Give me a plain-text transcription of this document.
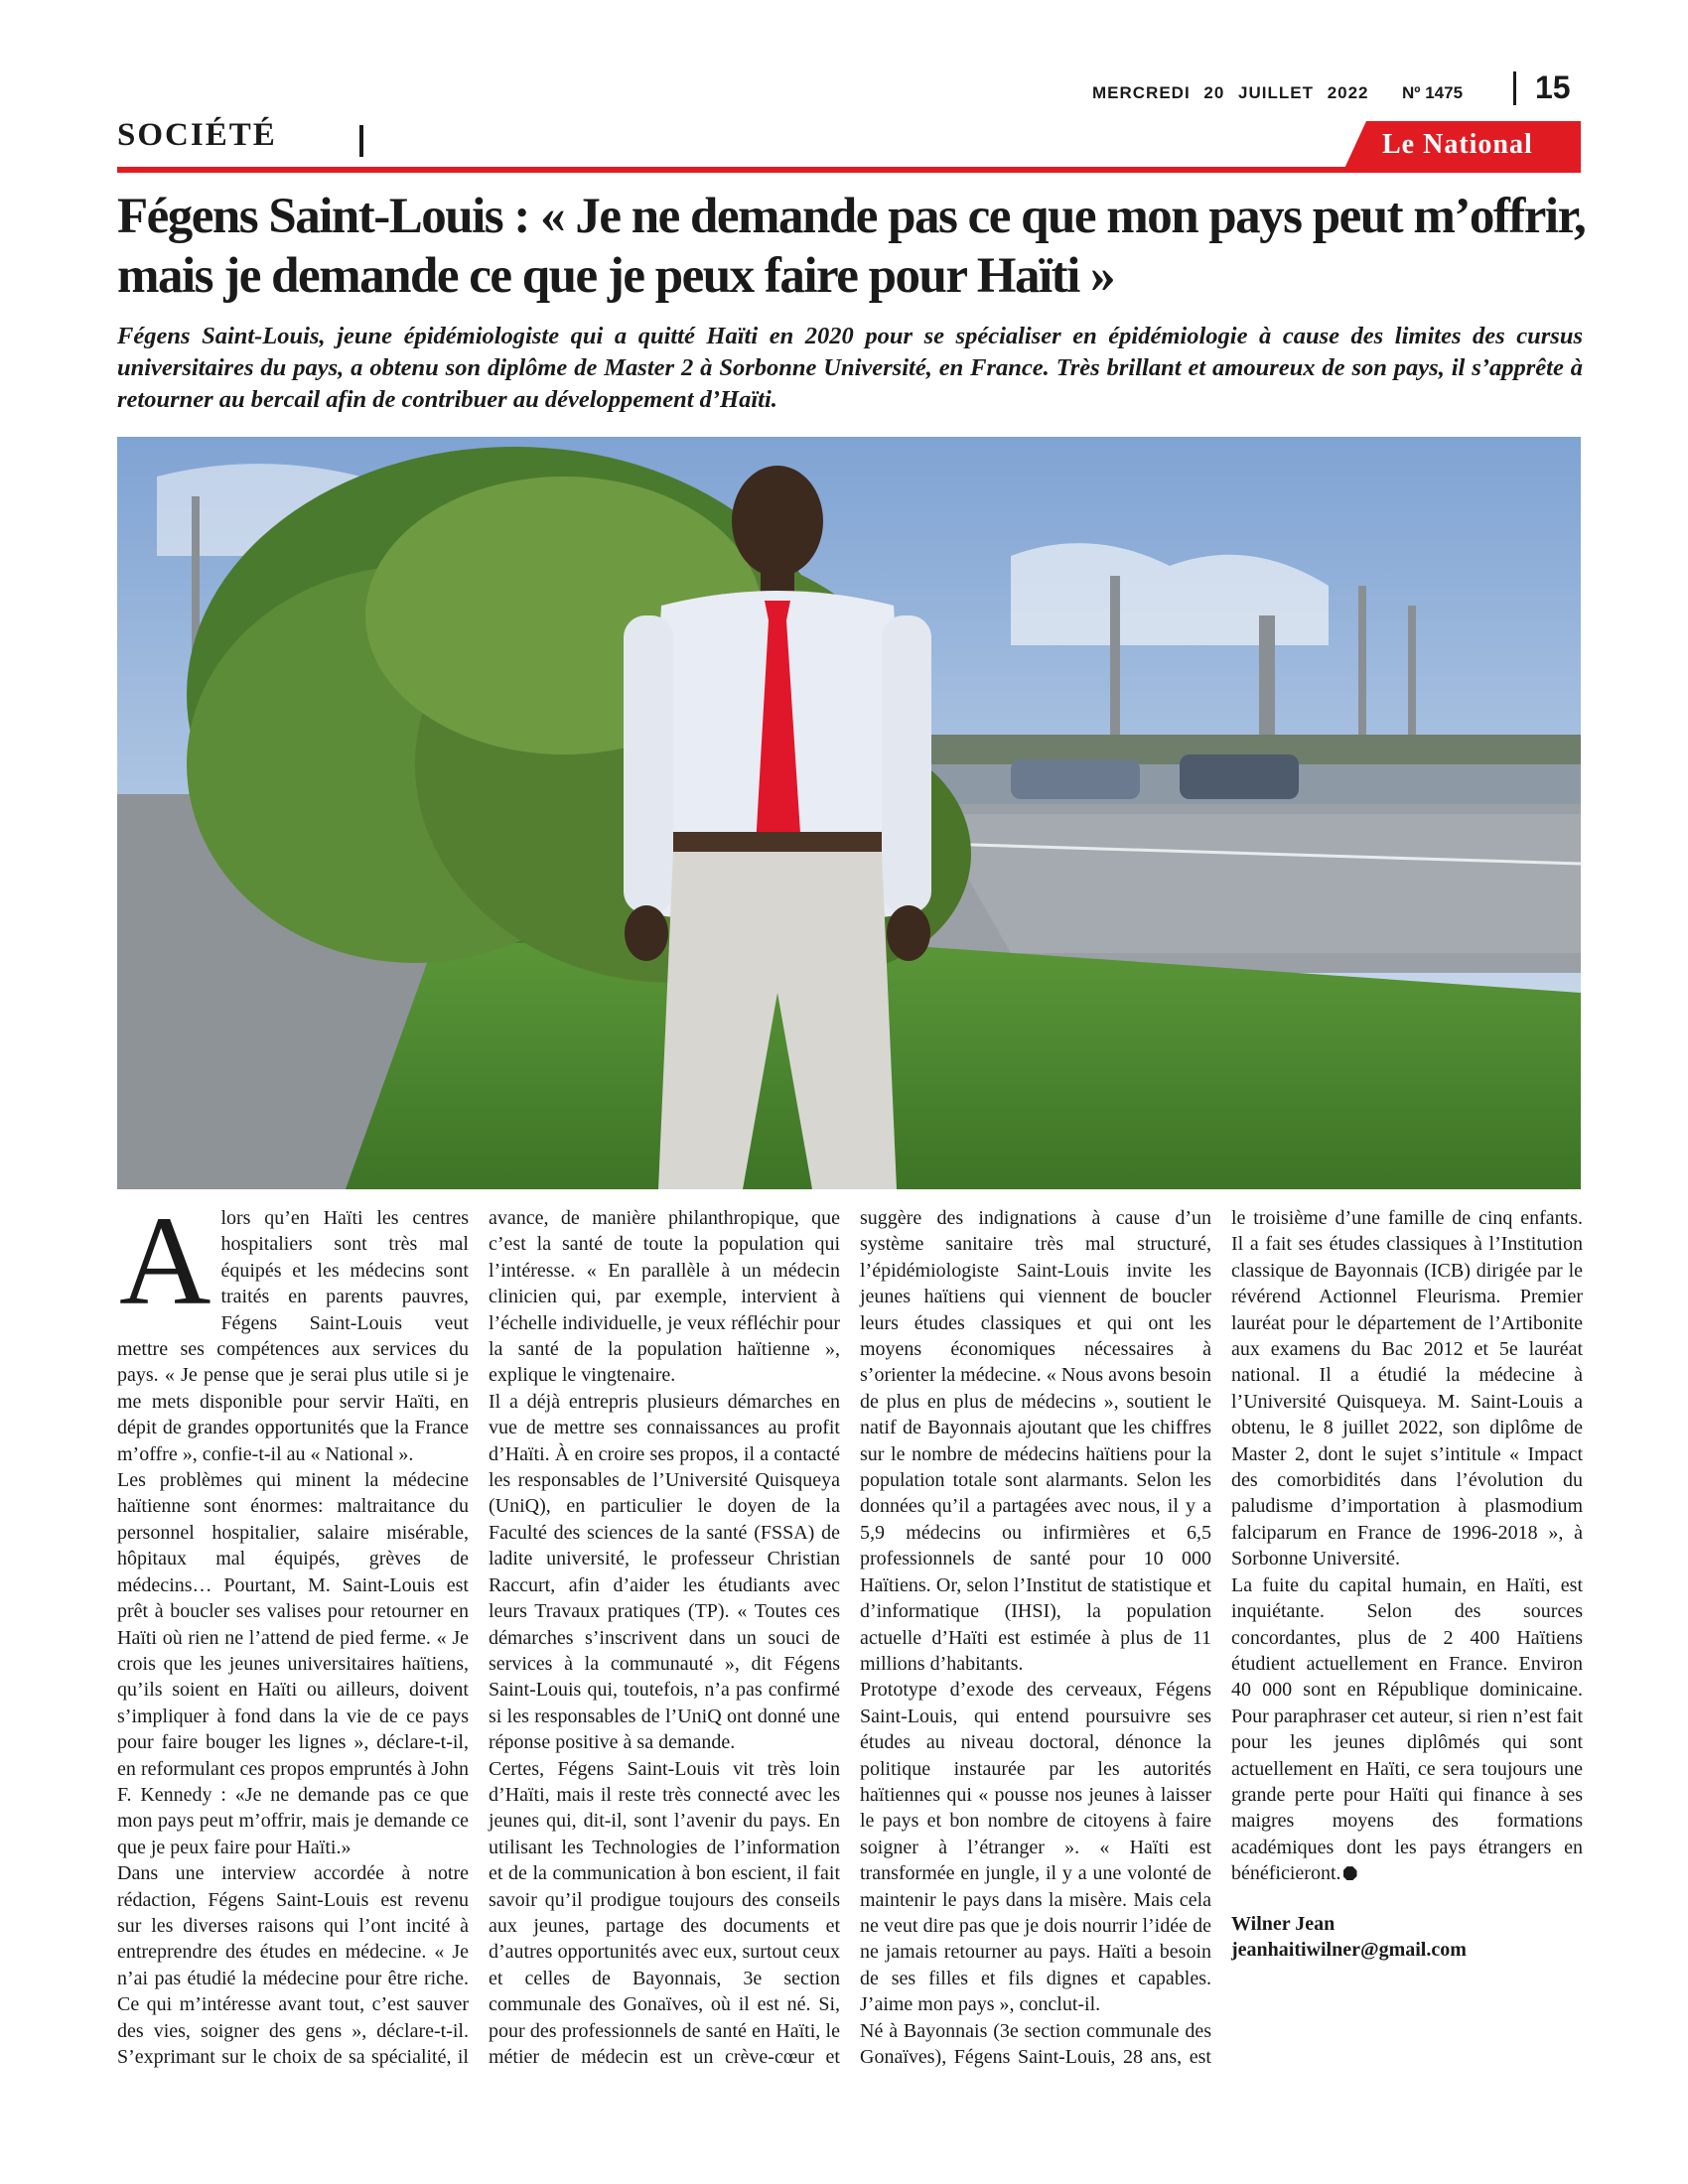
MERCREDI 20 JUILLET 2022 Nº 1475 15
SOCIÉTÉ	Le National
Fégens Saint-Louis : « Je ne demande pas ce que mon pays peut m’offrir, mais je demande ce que je peux faire pour Haïti »

Fégens Saint-Louis, jeune épidémiologiste qui a quitté Haïti en 2020 pour se spécialiser en épidémiologie à cause des limites des cursus universitaires du pays, a obtenu son diplôme de Master 2 à Sorbonne Université, en France. Très brillant et amoureux de son pays, il s’apprête à retourner au bercail afin de contribuer au développement d’Haïti.

Alors qu’en Haïti les centres hospitaliers sont très mal équipés et les médecins sont traités en parents pauvres, Fégens Saint-Louis veut mettre ses compétences aux services du pays. « Je pense que je serai plus utile si je me mets disponible pour servir Haïti, en dépit de grandes opportunités que la France m’offre », confie-t-il au « National ».

Les problèmes qui minent la médecine haïtienne sont énormes: maltraitance du personnel hospitalier, salaire misérable, hôpitaux mal équipés, grèves de médecins… Pourtant, M. Saint-Louis est prêt à boucler ses valises pour retourner en Haïti où rien ne l’attend de pied ferme. « Je crois que les jeunes universitaires haïtiens, qu’ils soient en Haïti ou ailleurs, doivent s’impliquer à fond dans la vie de ce pays pour faire bouger les lignes », déclare-t-il, en reformulant ces propos empruntés à John F. Kennedy : «Je ne demande pas ce que mon pays peut m’offrir, mais je demande ce que je peux faire pour Haïti.»

Dans une interview accordée à notre rédaction, Fégens Saint-Louis est revenu sur les diverses raisons qui l’ont incité à entreprendre des études en médecine. « Je n’ai pas étudié la médecine pour être riche. Ce qui m’intéresse avant tout, c’est sauver des vies, soigner des gens », déclare-t-il. S’exprimant sur le choix de sa spécialité, il avance, de manière philanthropique, que c’est la santé de toute la population qui l’intéresse. « En parallèle à un médecin clinicien qui, par exemple, intervient à l’échelle individuelle, je veux réfléchir pour la santé de la population haïtienne », explique le vingtenaire.

Il a déjà entrepris plusieurs démarches en vue de mettre ses connaissances au profit d’Haïti. À en croire ses propos, il a contacté les responsables de l’Université Quisqueya (UniQ), en particulier le doyen de la Faculté des sciences de la santé (FSSA) de ladite université, le professeur Christian Raccurt, afin d’aider les étudiants avec leurs Travaux pratiques (TP). « Toutes ces démarches s’inscrivent dans un souci de services à la communauté », dit Fégens Saint-Louis qui, toutefois, n’a pas confirmé si les responsables de l’UniQ ont donné une réponse positive à sa demande.

Certes, Fégens Saint-Louis vit très loin d’Haïti, mais il reste très connecté avec les jeunes qui, dit-il, sont l’avenir du pays. En utilisant les Technologies de l’information et de la communication à bon escient, il fait savoir qu’il prodigue toujours des conseils aux jeunes, partage des documents et d’autres opportunités avec eux, surtout ceux et celles de Bayonnais, 3e section communale des Gonaïves, où il est né. Si, pour des professionnels de santé en Haïti, le métier de médecin est un crève-cœur et suggère des indignations à cause d’un système sanitaire très mal structuré, l’épidémiologiste Saint-Louis invite les jeunes haïtiens qui viennent de boucler leurs études classiques et qui ont les moyens économiques nécessaires à s’orienter la médecine. « Nous avons besoin de plus en plus de médecins », soutient le natif de Bayonnais ajoutant que les chiffres sur le nombre de médecins haïtiens pour la population totale sont alarmants. Selon les données qu’il a partagées avec nous, il y a 5,9 médecins ou infirmières et 6,5 professionnels de santé pour 10 000 Haïtiens. Or, selon l’Institut de statistique et d’informatique (IHSI), la population actuelle d’Haïti est estimée à plus de 11 millions d’habitants.

Prototype d’exode des cerveaux, Fégens Saint-Louis, qui entend poursuivre ses études au niveau doctoral, dénonce la politique instaurée par les autorités haïtiennes qui « pousse nos jeunes à laisser le pays et bon nombre de citoyens à faire soigner à l’étranger ». « Haïti est transformée en jungle, il y a une volonté de maintenir le pays dans la misère. Mais cela ne veut dire pas que je dois nourrir l’idée de ne jamais retourner au pays. Haïti a besoin de ses filles et fils dignes et capables. J’aime mon pays », conclut-il.

Né à Bayonnais (3e section communale des Gonaïves), Fégens Saint-Louis, 28 ans, est le troisième d’une famille de cinq enfants. Il a fait ses études classiques à l’Institution classique de Bayonnais (ICB) dirigée par le révérend Actionnel Fleurisma. Premier lauréat pour le département de l’Artibonite aux examens du Bac 2012 et 5e lauréat national. Il a étudié la médecine à l’Université Quisqueya. M. Saint-Louis a obtenu, le 8 juillet 2022, son diplôme de Master 2, dont le sujet s’intitule « Impact des comorbidités dans l’évolution du paludisme d’importation à plasmodium falciparum en France de 1996-2018 », à Sorbonne Université.

La fuite du capital humain, en Haïti, est inquiétante. Selon des sources concordantes, plus de 2 400 Haïtiens étudient actuellement en France. Environ 40 000 sont en République dominicaine. Pour paraphraser cet auteur, si rien n’est fait pour les jeunes diplômés qui sont actuellement en Haïti, ce sera toujours une grande perte pour Haïti qui finance à ses maigres moyens des formations académiques dont les pays étrangers en bénéficieront.

Wilner Jean
jeanhaitiwilner@gmail.com
